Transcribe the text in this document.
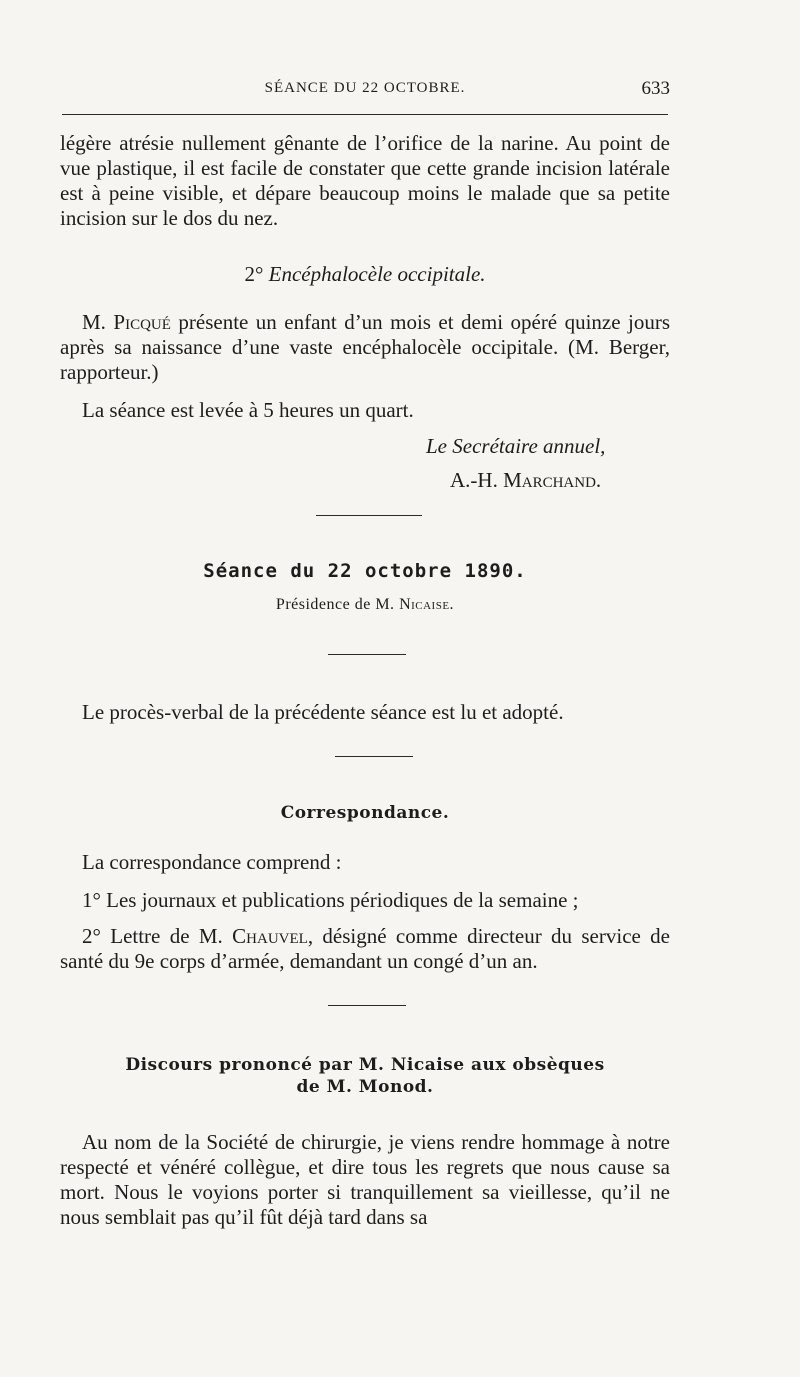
SÉANCE DU 22 OCTOBRE.	633

légère atrésie nullement gênante de l’orifice de la narine. Au point de vue plastique, il est facile de constater que cette grande incision latérale est à peine visible, et dépare beaucoup moins le malade que sa petite incision sur le dos du nez.

2° Encéphalocèle occipitale.

M. Picqué présente un enfant d’un mois et demi opéré quinze jours après sa naissance d’une vaste encéphalocèle occipitale. (M. Berger, rapporteur.)

La séance est levée à 5 heures un quart.

Le Secrétaire annuel,
A.-H. Marchand.
Séance du 22 octobre 1890.
Présidence de M. Nicaise.

Le procès-verbal de la précédente séance est lu et adopté.

Correspondance.

La correspondance comprend :

1° Les journaux et publications périodiques de la semaine ;

2° Lettre de M. Chauvel, désigné comme directeur du service de santé du 9e corps d’armée, demandant un congé d’un an.

Discours prononcé par M. Nicaise aux obsèques
de M. Monod.

Au nom de la Société de chirurgie, je viens rendre hommage à notre respecté et vénéré collègue, et dire tous les regrets que nous cause sa mort. Nous le voyions porter si tranquillement sa vieillesse, qu’il ne nous semblait pas qu’il fût déjà tard dans sa
